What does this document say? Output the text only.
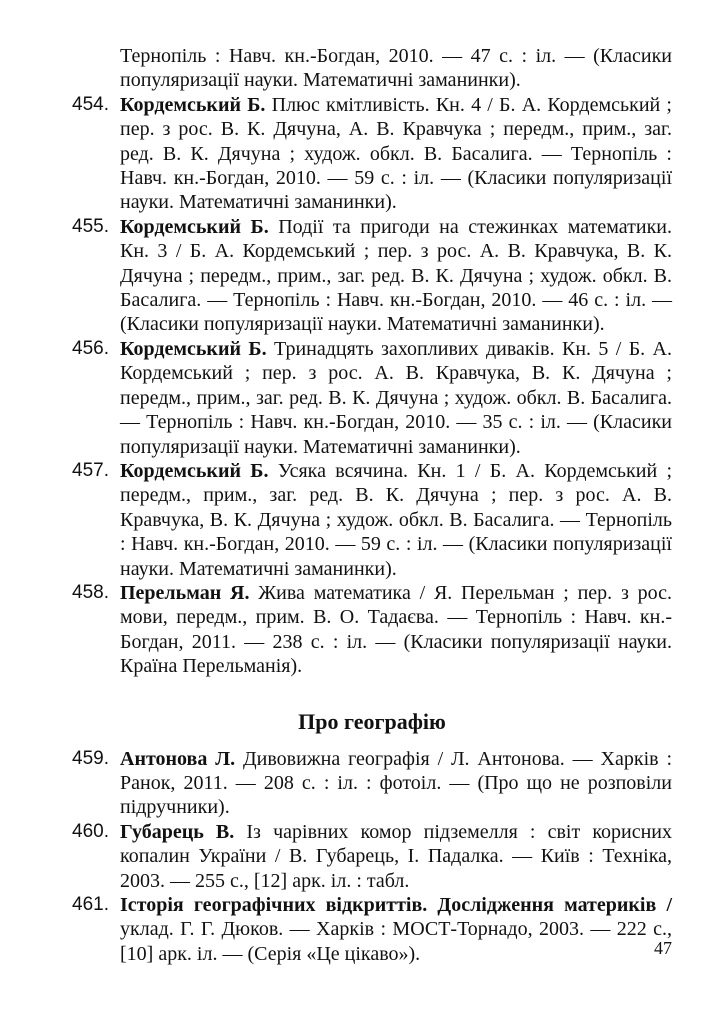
Тернопіль : Навч. кн.-Богдан, 2010. — 47 с. : іл. — (Класики популяризації науки. Математичні заманинки).

454. Кордемський Б. Плюс кмітливість. Кн. 4 / Б. А. Кордемський ; пер. з рос. В. К. Дячуна, А. В. Кравчука ; передм., прим., заг. ред. В. К. Дячуна ; худож. обкл. В. Басалига. — Тернопіль : Навч. кн.-Богдан, 2010. — 59 с. : іл. — (Класики популяризації науки. Математичні заманинки).

455. Кордемський Б. Події та пригоди на стежинках математики. Кн. 3 / Б. А. Кордемський ; пер. з рос. А. В. Кравчука, В. К. Дячуна ; передм., прим., заг. ред. В. К. Дячуна ; худож. обкл. В. Басалига. — Тернопіль : Навч. кн.-Богдан, 2010. — 46 с. : іл. — (Класики популяризації науки. Математичні заманинки).

456. Кордемський Б. Тринадцять захопливих диваків. Кн. 5 / Б. А. Кордемський ; пер. з рос. А. В. Кравчука, В. К. Дячуна ; передм., прим., заг. ред. В. К. Дячуна ; худож. обкл. В. Басалига. — Тернопіль : Навч. кн.-Богдан, 2010. — 35 с. : іл. — (Класики популяризації науки. Математичні заманинки).

457. Кордемський Б. Усяка всячина. Кн. 1 / Б. А. Кордемський ; передм., прим., заг. ред. В. К. Дячуна ; пер. з рос. А. В. Кравчука, В. К. Дячуна ; худож. обкл. В. Басалига. — Тернопіль : Навч. кн.-Богдан, 2010. — 59 с. : іл. — (Класики популяризації науки. Математичні заманинки).

458. Перельман Я. Жива математика / Я. Перельман ; пер. з рос. мови, передм., прим. В. О. Тадаєва. — Тернопіль : Навч. кн.-Богдан, 2011. — 238 с. : іл. — (Класики популяризації науки. Країна Перельманія).

Про географію

459. Антонова Л. Дивовижна географія / Л. Антонова. — Харків : Ранок, 2011. — 208 с. : іл. : фотоіл. — (Про що не розповіли підручники).

460. Губарець В. Із чарівних комор підземелля : світ корисних копалин України / В. Губарець, І. Падалка. — Київ : Техніка, 2003. — 255 с., [12] арк. іл. : табл.

461. Історія географічних відкриттів. Дослідження материків / уклад. Г. Г. Дюков. — Харків : МОСТ-Торнадо, 2003. — 222 с., [10] арк. іл. — (Серія «Це цікаво»).	47
